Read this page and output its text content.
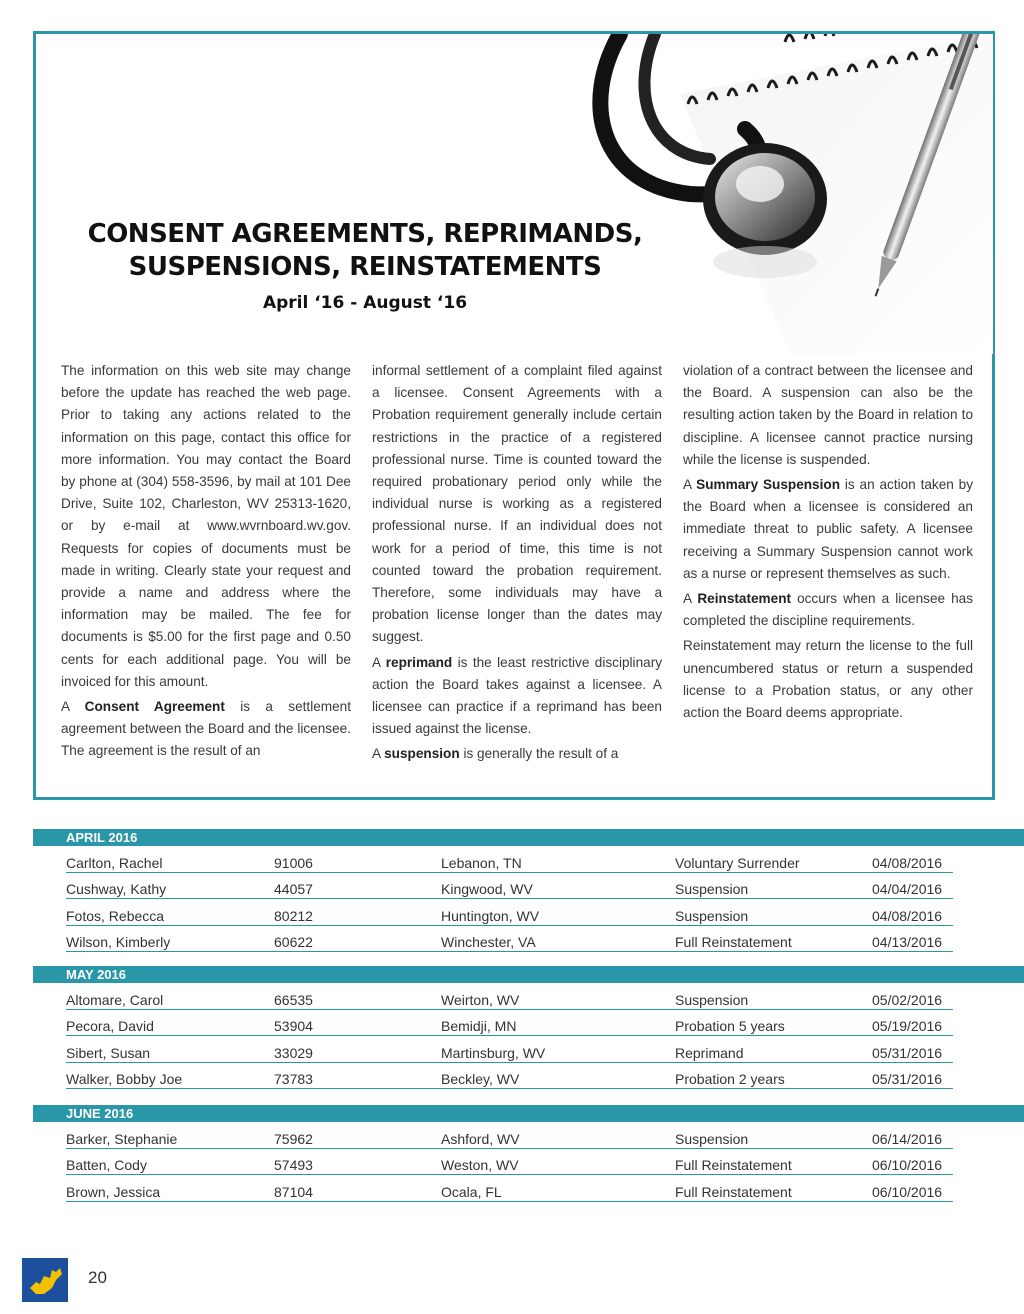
CONSENT AGREEMENTS, REPRIMANDS,
SUSPENSIONS, REINSTATEMENTS
April ‘16 - August ‘16

The information on this web site may change before the update has reached the web page. Prior to taking any actions related to the information on this page, contact this office for more information. You may contact the Board by phone at (304) 558-3596, by mail at 101 Dee Drive, Suite 102, Charleston, WV 25313-1620, or by e-mail at www.wvrnboard.wv.gov. Requests for copies of documents must be made in writing. Clearly state your request and provide a name and address where the information may be mailed. The fee for documents is $5.00 for the first page and 0.50 cents for each additional page. You will be invoiced for this amount.

A Consent Agreement is a settlement agreement between the Board and the licensee. The agreement is the result of an

informal settlement of a complaint filed against a licensee. Consent Agreements with a Probation requirement generally include certain restrictions in the practice of a registered professional nurse. Time is counted toward the required probationary period only while the individual nurse is working as a registered professional nurse. If an individual does not work for a period of time, this time is not counted toward the probation requirement. Therefore, some individuals may have a probation license longer than the dates may suggest.

A reprimand is the least restrictive disciplinary action the Board takes against a licensee. A licensee can practice if a reprimand has been issued against the license.

A suspension is generally the result of a

violation of a contract between the licensee and the Board. A suspension can also be the resulting action taken by the Board in relation to discipline. A licensee cannot practice nursing while the license is suspended.

A Summary Suspension is an action taken by the Board when a licensee is considered an immediate threat to public safety. A licensee receiving a Summary Suspension cannot work as a nurse or represent themselves as such.

A Reinstatement occurs when a licensee has completed the discipline requirements.

Reinstatement may return the license to the full unencumbered status or return a suspended license to a Probation status, or any other action the Board deems appropriate.

APRIL 2016
Carlton, Rachel	91006	Lebanon, TN	Voluntary Surrender	04/08/2016
Cushway, Kathy	44057	Kingwood, WV	Suspension	04/04/2016
Fotos, Rebecca	80212	Huntington, WV	Suspension	04/08/2016
Wilson, Kimberly	60622	Winchester, VA	Full Reinstatement	04/13/2016
MAY 2016
Altomare, Carol	66535	Weirton, WV	Suspension	05/02/2016
Pecora, David	53904	Bemidji, MN	Probation 5 years	05/19/2016
Sibert, Susan	33029	Martinsburg, WV	Reprimand	05/31/2016
Walker, Bobby Joe	73783	Beckley, WV	Probation 2 years	05/31/2016
JUNE 2016
Barker, Stephanie	75962	Ashford, WV	Suspension	06/14/2016
Batten, Cody	57493	Weston, WV	Full Reinstatement	06/10/2016
Brown, Jessica	87104	Ocala, FL	Full Reinstatement	06/10/2016
20
